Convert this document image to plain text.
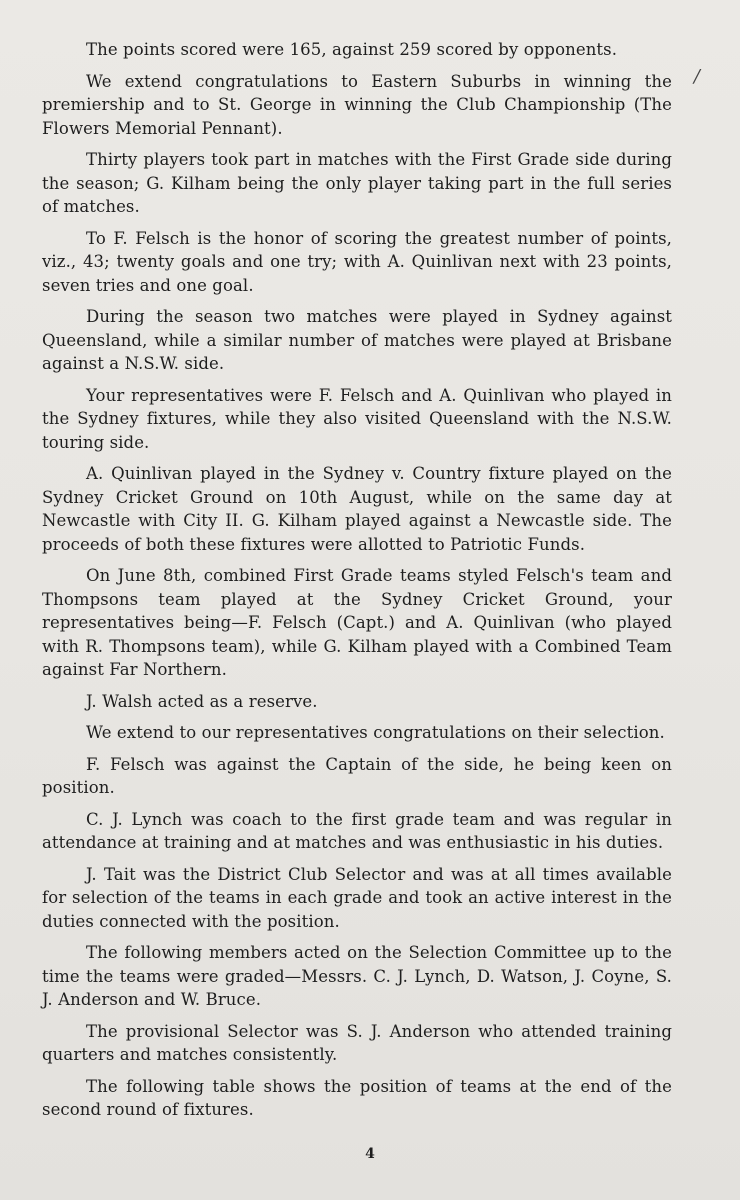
/

The points scored were 165, against 259 scored by opponents.

We extend congratulations to Eastern Suburbs in winning the premiership and to St. George in winning the Club Championship (The Flowers Memorial Pennant).

Thirty players took part in matches with the First Grade side during the season; G. Kilham being the only player taking part in the full series of matches.

To F. Felsch is the honor of scoring the greatest number of points, viz., 43; twenty goals and one try; with A. Quinlivan next with 23 points, seven tries and one goal.

During the season two matches were played in Sydney against Queensland, while a similar number of matches were played at Brisbane against a N.S.W. side.

Your representatives were F. Felsch and A. Quinlivan who played in the Sydney fixtures, while they also visited Queensland with the N.S.W. touring side.

A. Quinlivan played in the Sydney v. Country fixture played on the Sydney Cricket Ground on 10th August, while on the same day at Newcastle with City II. G. Kilham played against a Newcastle side. The proceeds of both these fixtures were allotted to Patriotic Funds.

On June 8th, combined First Grade teams styled Felsch's team and Thompsons team played at the Sydney Cricket Ground, your representatives being—F. Felsch (Capt.) and A. Quinlivan (who played with R. Thompsons team), while G. Kilham played with a Combined Team against Far Northern.

J. Walsh acted as a reserve.

We extend to our representatives congratulations on their selection.

F. Felsch was against the Captain of the side, he being keen on position.

C. J. Lynch was coach to the first grade team and was regular in attendance at training and at matches and was enthusiastic in his duties.

J. Tait was the District Club Selector and was at all times available for selection of the teams in each grade and took an active interest in the duties connected with the position.

The following members acted on the Selection Committee up to the time the teams were graded—Messrs. C. J. Lynch, D. Watson, J. Coyne, S. J. Anderson and W. Bruce.

The provisional Selector was S. J. Anderson who attended training quarters and matches consistently.

The following table shows the position of teams at the end of the second round of fixtures.

4
